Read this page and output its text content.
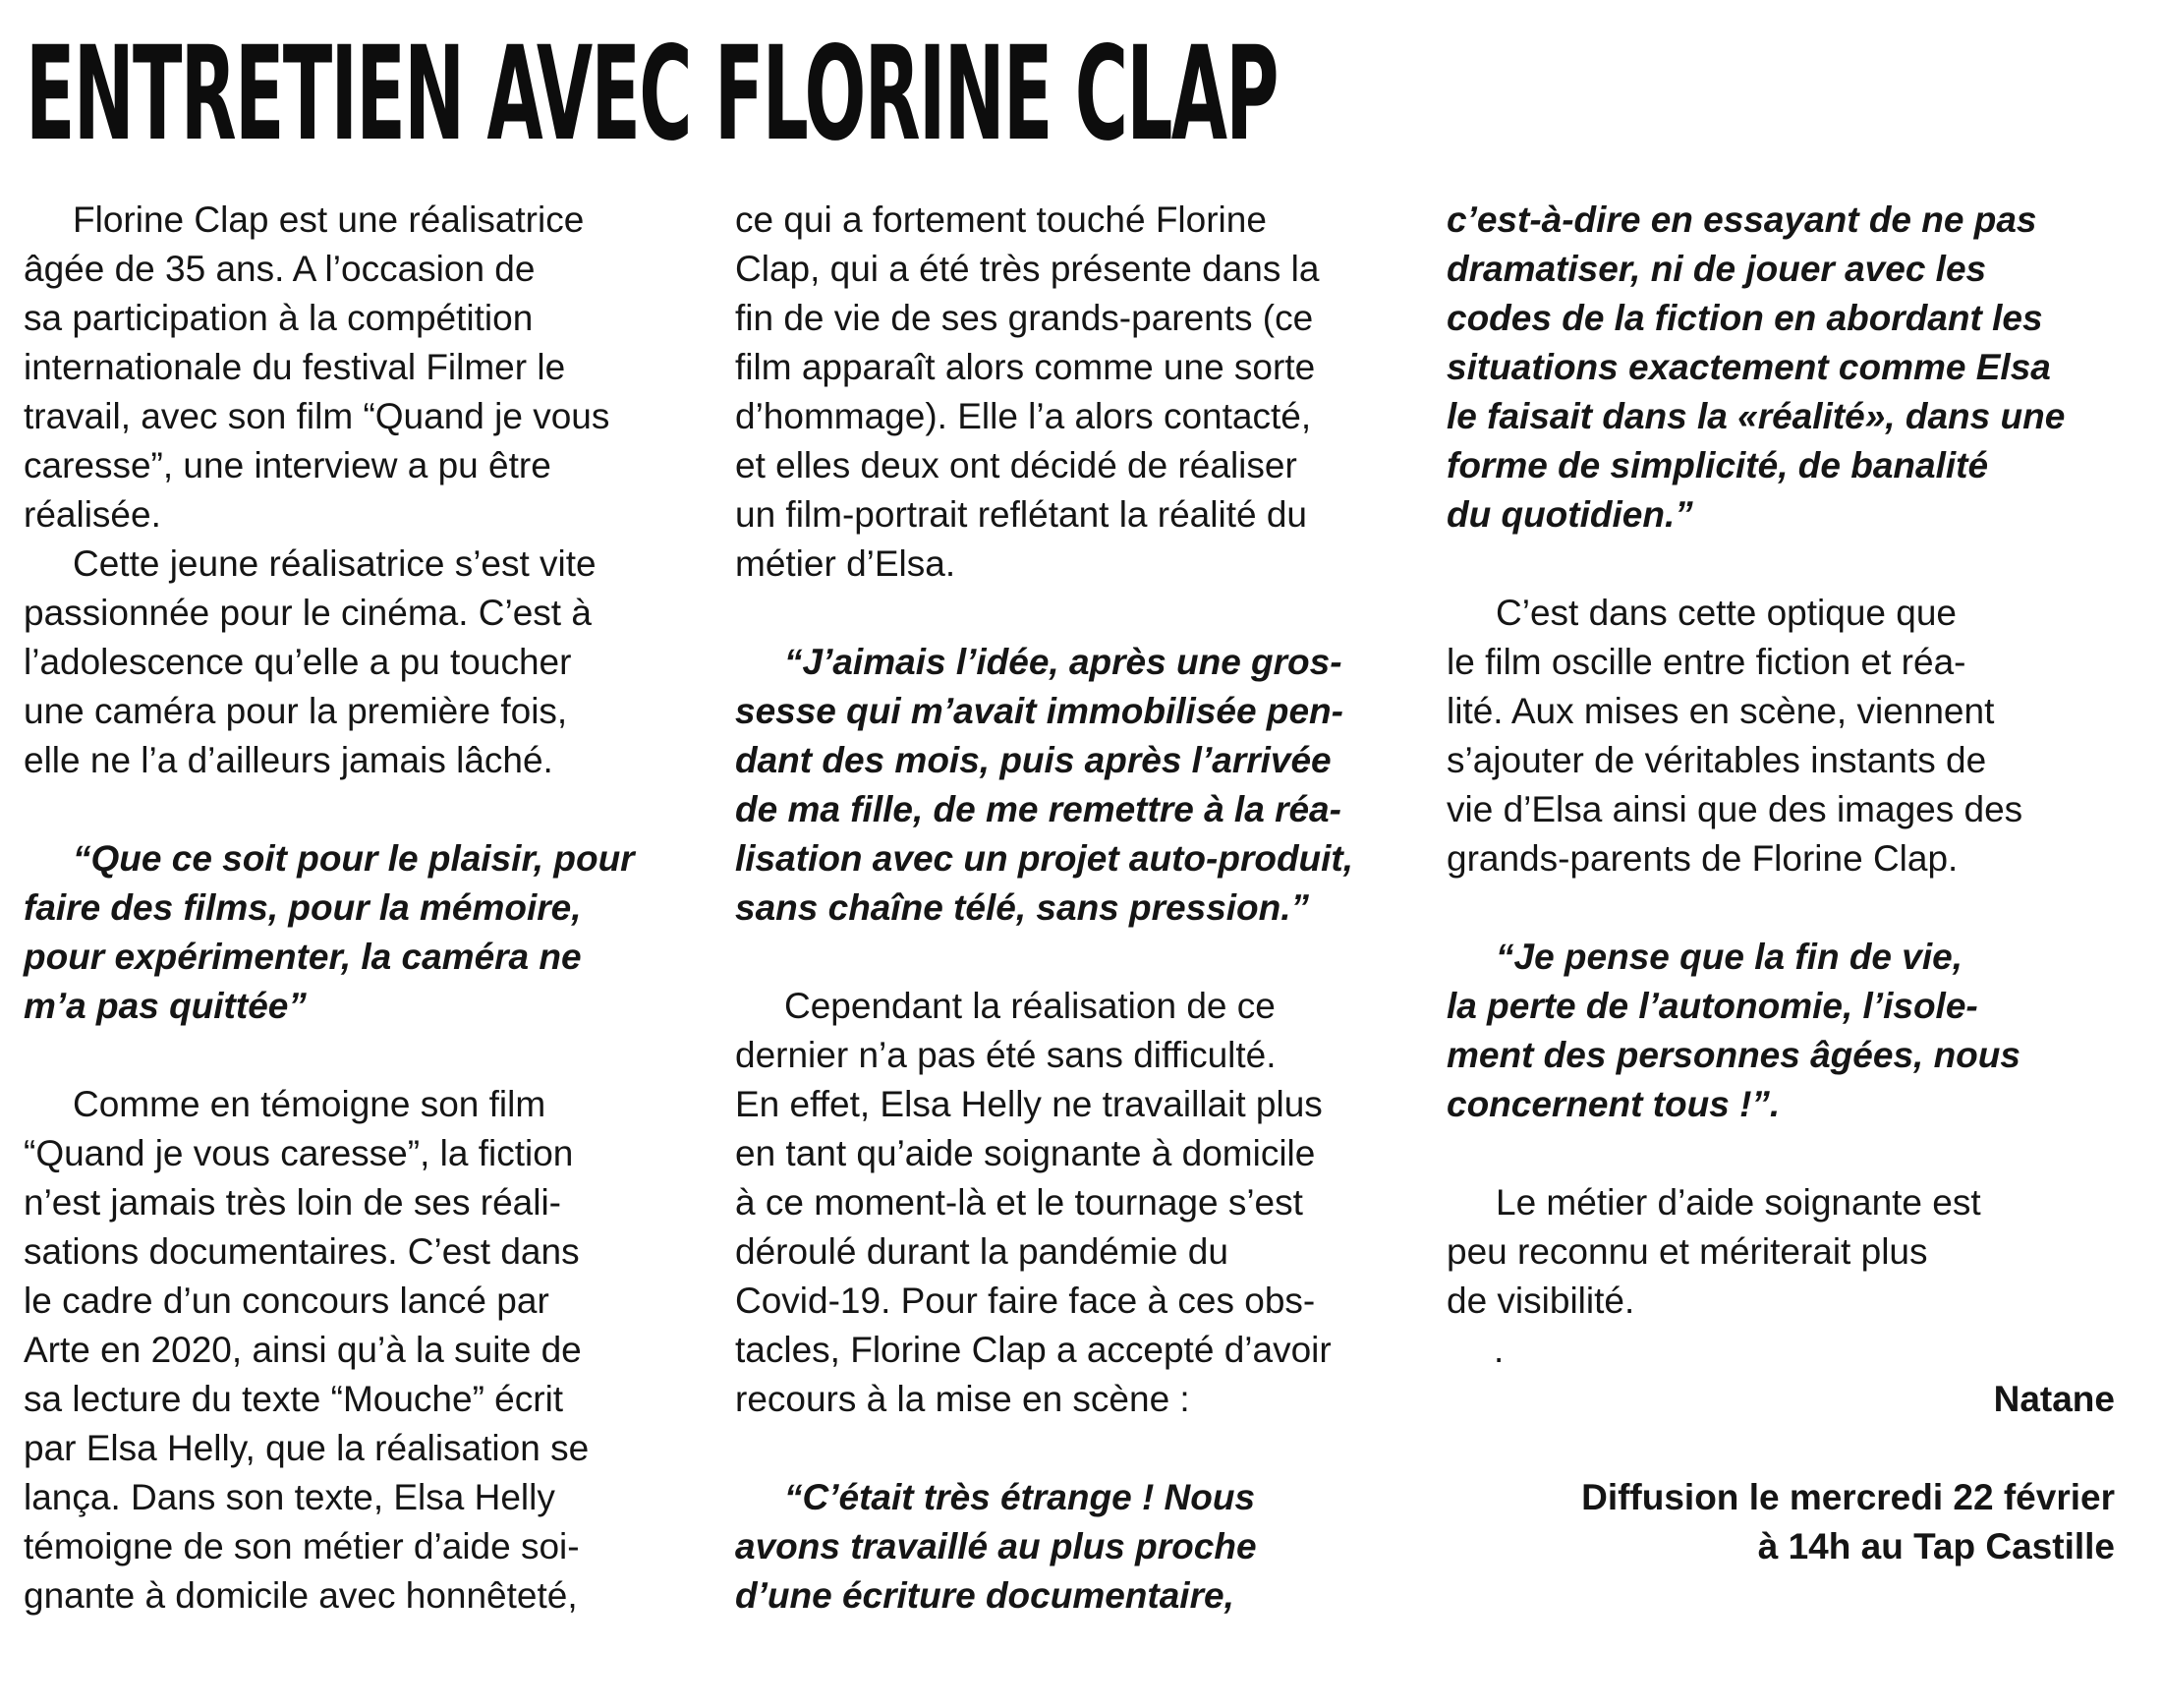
ENTRETIEN AVEC FLORINE CLAP
Florine Clap est une réalisatrice
âgée de 35 ans. A l’occasion de
sa participation à la compétition
internationale du festival Filmer le
travail, avec son film “Quand je vous
caresse”, une interview a pu être
réalisée.
Cette jeune réalisatrice s’est vite
passionnée pour le cinéma. C’est à
l’adolescence qu’elle a pu toucher
une caméra pour la première fois,
elle ne l’a d’ailleurs jamais lâché.
“Que ce soit pour le plaisir, pour
faire des films, pour la mémoire,
pour expérimenter, la caméra ne
m’a pas quittée”
Comme en témoigne son film
“Quand je vous caresse”, la fiction
n’est jamais très loin de ses réali-
sations documentaires. C’est dans
le cadre d’un concours lancé par
Arte en 2020, ainsi qu’à la suite de
sa lecture du texte “Mouche” écrit
par Elsa Helly, que la réalisation se
lança. Dans son texte, Elsa Helly
témoigne de son métier d’aide soi-
gnante à domicile avec honnêteté,
ce qui a fortement touché Florine
Clap, qui a été très présente dans la
fin de vie de ses grands-parents (ce
film apparaît alors comme une sorte
d’hommage). Elle l’a alors contacté,
et elles deux ont décidé de réaliser
un film-portrait reflétant la réalité du
métier d’Elsa.
“J’aimais l’idée, après une gros-
sesse qui m’avait immobilisée pen-
dant des mois, puis après l’arrivée
de ma fille, de me remettre à la réa-
lisation avec un projet auto-produit,
sans chaîne télé, sans pression.”
Cependant la réalisation de ce
dernier n’a pas été sans difficulté.
En effet, Elsa Helly ne travaillait plus
en tant qu’aide soignante à domicile
à ce moment-là et le tournage s’est
déroulé durant la pandémie du
Covid-19. Pour faire face à ces obs-
tacles, Florine Clap a accepté d’avoir
recours à la mise en scène :
“C’était très étrange ! Nous
avons travaillé au plus proche
d’une écriture documentaire,
c’est-à-dire en essayant de ne pas
dramatiser, ni de jouer avec les
codes de la fiction en abordant les
situations exactement comme Elsa
le faisait dans la «réalité», dans une
forme de simplicité, de banalité
du quotidien.”
C’est dans cette optique que
le film oscille entre fiction et réa-
lité. Aux mises en scène, viennent
s’ajouter de véritables instants de
vie d’Elsa ainsi que des images des
grands-parents de Florine Clap.
“Je pense que la fin de vie,
la perte de l’autonomie, l’isole-
ment des personnes âgées, nous
concernent tous !”.
Le métier d’aide soignante est
peu reconnu et mériterait plus
de visibilité.
.
Natane
Diffusion le mercredi 22 février
à 14h au Tap Castille
